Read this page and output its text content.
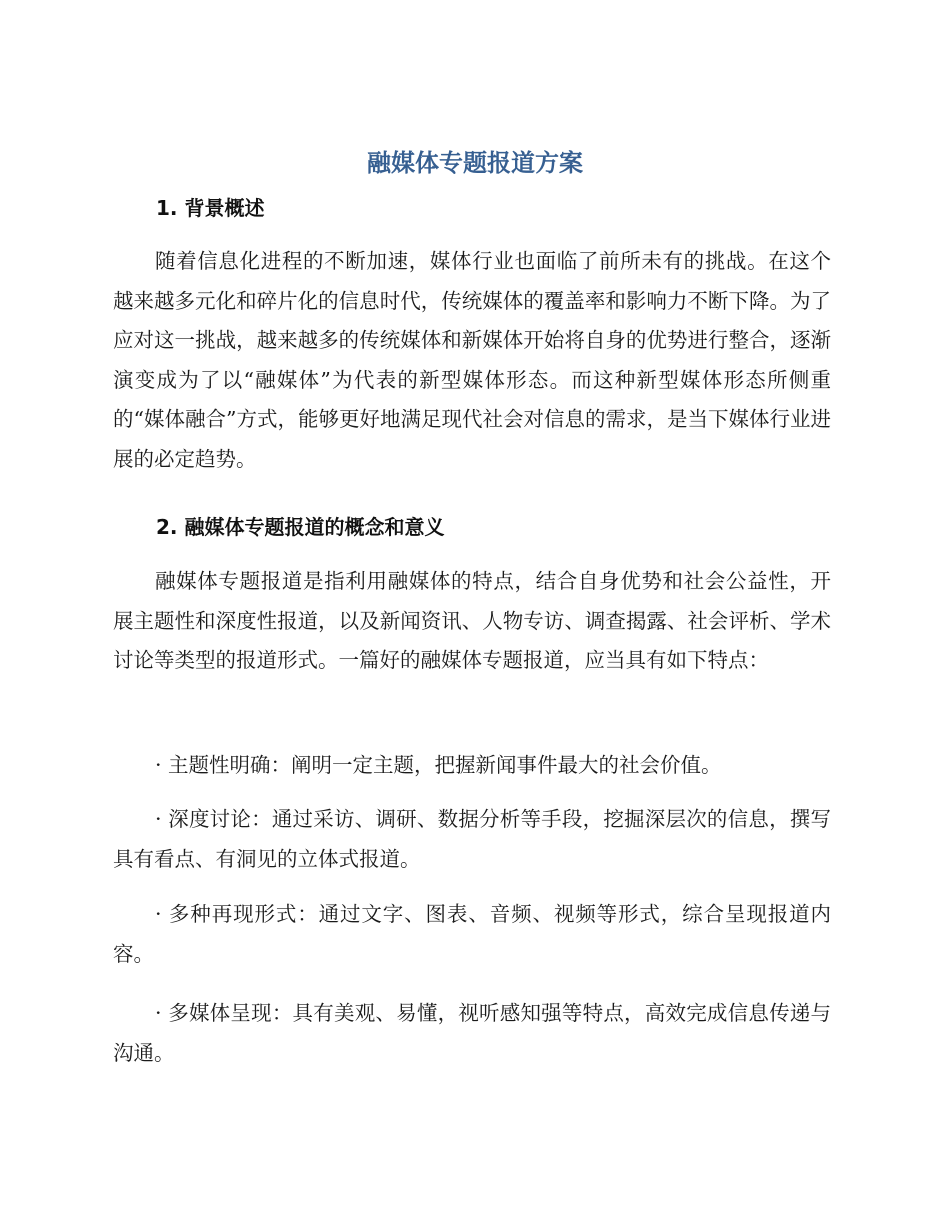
融媒体专题报道方案
1. 背景概述

随着信息化进程的不断加速，媒体行业也面临了前所未有的挑战。在这个越来越多元化和碎片化的信息时代，传统媒体的覆盖率和影响力不断下降。为了应对这一挑战，越来越多的传统媒体和新媒体开始将自身的优势进行整合，逐渐演变成为了以“融媒体”为代表的新型媒体形态。而这种新型媒体形态所侧重的“媒体融合”方式，能够更好地满足现代社会对信息的需求，是当下媒体行业进展的必定趋势。

2. 融媒体专题报道的概念和意义

融媒体专题报道是指利用融媒体的特点，结合自身优势和社会公益性，开展主题性和深度性报道，以及新闻资讯、人物专访、调查揭露、社会评析、学术讨论等类型的报道形式。一篇好的融媒体专题报道，应当具有如下特点：

· 主题性明确：阐明一定主题，把握新闻事件最大的社会价值。

· 深度讨论：通过采访、调研、数据分析等手段，挖掘深层次的信息，撰写具有看点、有洞见的立体式报道。

· 多种再现形式：通过文字、图表、音频、视频等形式，综合呈现报道内容。

· 多媒体呈现：具有美观、易懂，视听感知强等特点，高效完成信息传递与沟通。
